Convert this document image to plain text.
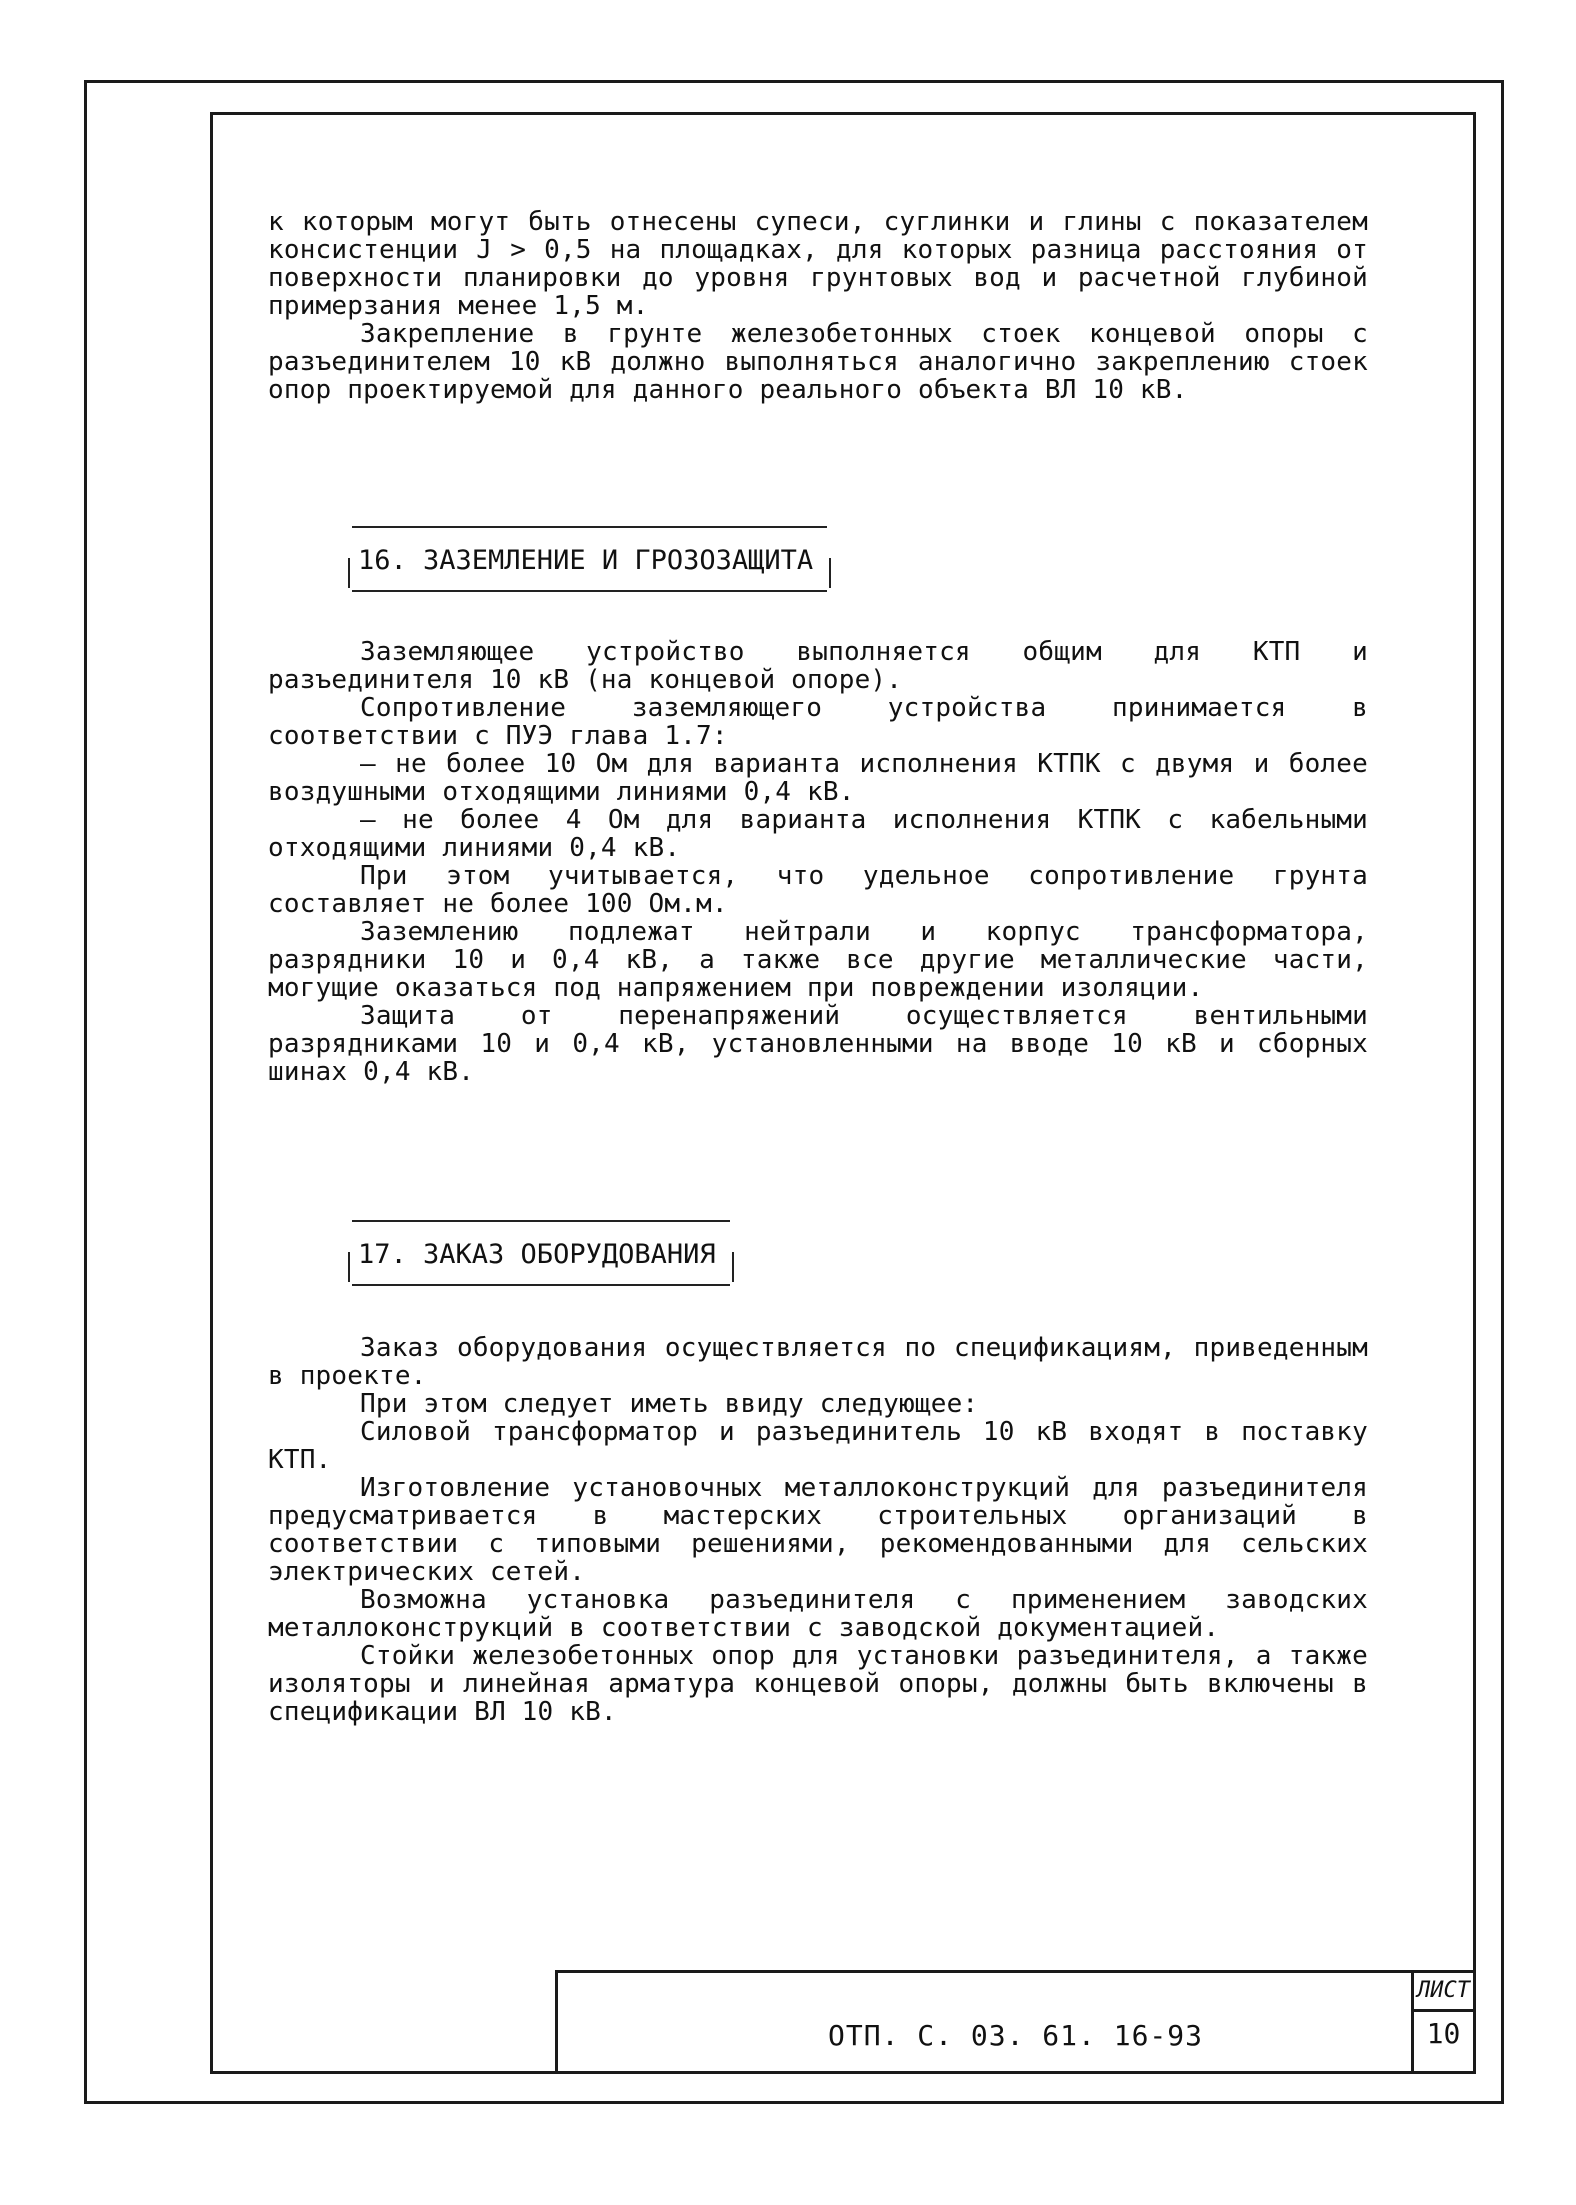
к которым могут быть отнесены супеси, суглинки и глины с показателем консистенции J > 0,5 на площадках, для которых разница расстояния от поверхности планировки до уровня грунтовых вод и расчетной глубиной примерзания менее 1,5 м.

Закрепление в грунте железобетонных стоек концевой опоры с разъединителем 10 кВ должно выполняться аналогично закреплению стоек опор проектируемой для данного реального объекта ВЛ 10 кВ.

16. ЗАЗЕМЛЕНИЕ И ГРОЗОЗАЩИТА

Заземляющее устройство выполняется общим для КТП и разъединителя 10 кВ (на концевой опоре).

Сопротивление заземляющего устройства принимается в соответствии с ПУЭ глава 1.7:

– не более 10 Ом для варианта исполнения КТПК с двумя и более воздушными отходящими линиями 0,4 кВ.

– не более 4 Ом для варианта исполнения КТПК с кабельными отходящими линиями 0,4 кВ.

При этом учитывается, что удельное сопротивление грунта составляет не более 100 Ом.м.

Заземлению подлежат нейтрали и корпус трансформатора, разрядники 10 и 0,4 кВ, а также все другие металлические части, могущие оказаться под напряжением при повреждении изоляции.

Защита от перенапряжений осуществляется вентильными разрядниками 10 и 0,4 кВ, установленными на вводе 10 кВ и сборных шинах 0,4 кВ.

17. ЗАКАЗ ОБОРУДОВАНИЯ

Заказ оборудования осуществляется по спецификациям, приведенным в проекте.

При этом следует иметь ввиду следующее:

Силовой трансформатор и разъединитель 10 кВ входят в поставку КТП.

Изготовление установочных металлоконструкций для разъединителя предусматривается в мастерских строительных организаций в соответствии с типовыми решениями, рекомендованными для сельских электрических сетей.

Возможна установка разъединителя с применением заводских металлоконструкций в соответствии с заводской документацией.

Стойки железобетонных опор для установки разъединителя, а также изоляторы и линейная арматура концевой опоры, должны быть включены в спецификации ВЛ 10 кВ.

ОТП. С. 03. 61. 16-93
ЛИСТ
10
